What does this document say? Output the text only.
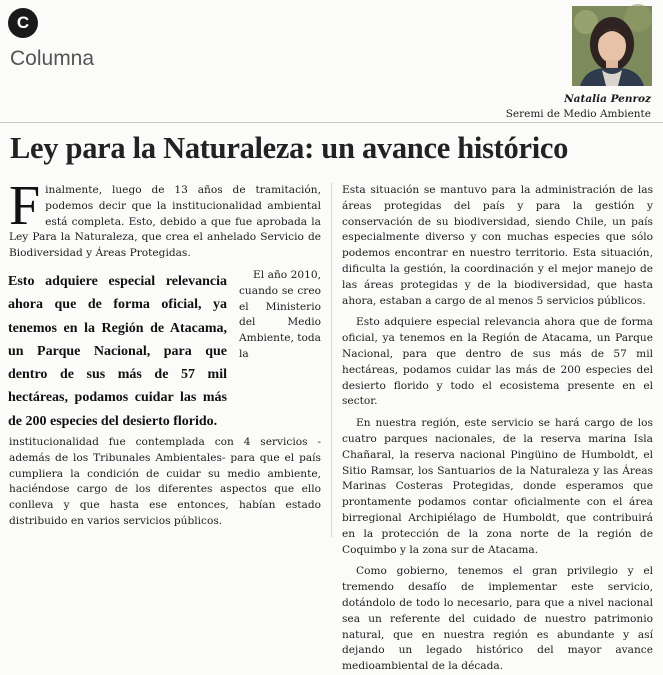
C
Columna
Natalia Penroz
Seremi de Medio Ambiente
Ley para la Naturaleza: un avance histórico

Finalmente, luego de 13 años de tramitación, podemos decir que la institucionalidad ambiental está completa. Esto, debido a que fue aprobada la Ley Para la Naturaleza, que crea el anhelado Servicio de Biodiversidad y Áreas Protegidas.

Esto adquiere especial relevancia ahora que de forma oficial, ya tenemos en la Región de Atacama, un Parque Nacional, para que dentro de sus más de 57 mil hectáreas, podamos cuidar las más de 200 especies del desierto florido.
El año 2010, cuando se creo el Ministerio del Medio Ambiente, toda la institucionalidad fue contemplada con 4 servicios - además de los Tribunales Ambientales- para que el país cumpliera la condición de cuidar su medio ambiente, haciéndose cargo de los diferentes aspectos que ello conlleva y que hasta ese entonces, habían estado distribuido en varios servicios públicos.

Esta situación se mantuvo para la administración de las áreas protegidas del país y para la gestión y conservación de su biodiversidad, siendo Chile, un país especialmente diverso y con muchas especies que sólo podemos encontrar en nuestro territorio. Esta situación, dificulta la gestión, la coordinación y el mejor manejo de las áreas protegidas y de la biodiversidad, que hasta ahora, estaban a cargo de al menos 5 servicios públicos.

Esto adquiere especial relevancia ahora que de forma oficial, ya tenemos en la Región de Atacama, un Parque Nacional, para que dentro de sus más de 57 mil hectáreas, podamos cuidar las más de 200 especies del desierto florido y todo el ecosistema presente en el sector.

En nuestra región, este servicio se hará cargo de los cuatro parques nacionales, de la reserva marina Isla Chañaral, la reserva nacional Pingüino de Humboldt, el Sitio Ramsar, los Santuarios de la Naturaleza y las Áreas Marinas Costeras Protegidas, donde esperamos que prontamente podamos contar oficialmente con el área birregional Archipiélago de Humboldt, que contribuirá en la protección de la zona norte de la región de Coquimbo y la zona sur de Atacama.

Como gobierno, tenemos el gran privilegio y el tremendo desafío de implementar este servicio, dotándolo de todo lo necesario, para que a nivel nacional sea un referente del cuidado de nuestro patrimonio natural, que en nuestra región es abundante y así dejando un legado histórico del mayor avance medioambiental de la década.
